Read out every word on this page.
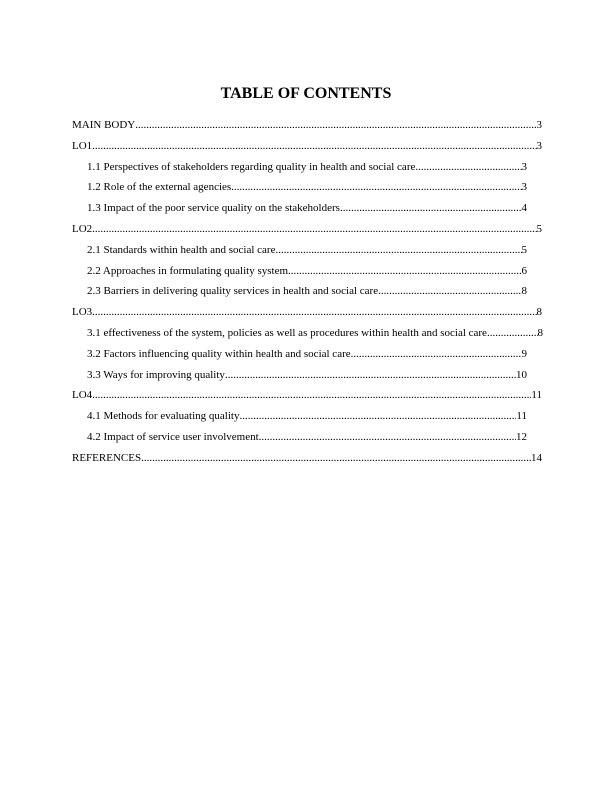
TABLE OF CONTENTS
MAIN BODY .....	3
LO1 .....	3
1.1 Perspectives of stakeholders regarding quality in health and social care .....	3
1.2 Role of the external agencies .....	3
1.3 Impact of the poor service quality on the stakeholders .....	4
LO2 .....	5
2.1 Standards within health and social care .....	5
2.2 Approaches in formulating quality system .....	6
2.3 Barriers in delivering quality services in health and social care .....	8
LO3 .....	8
3.1 effectiveness of the system, policies as well as procedures within health and social care .....	8
3.2 Factors influencing quality within health and social care .....	9
3.3 Ways for improving quality .....	10
LO4 .....	11
4.1 Methods for evaluating quality .....	11
4.2 Impact of service user involvement .....	12
REFERENCES .....	14
